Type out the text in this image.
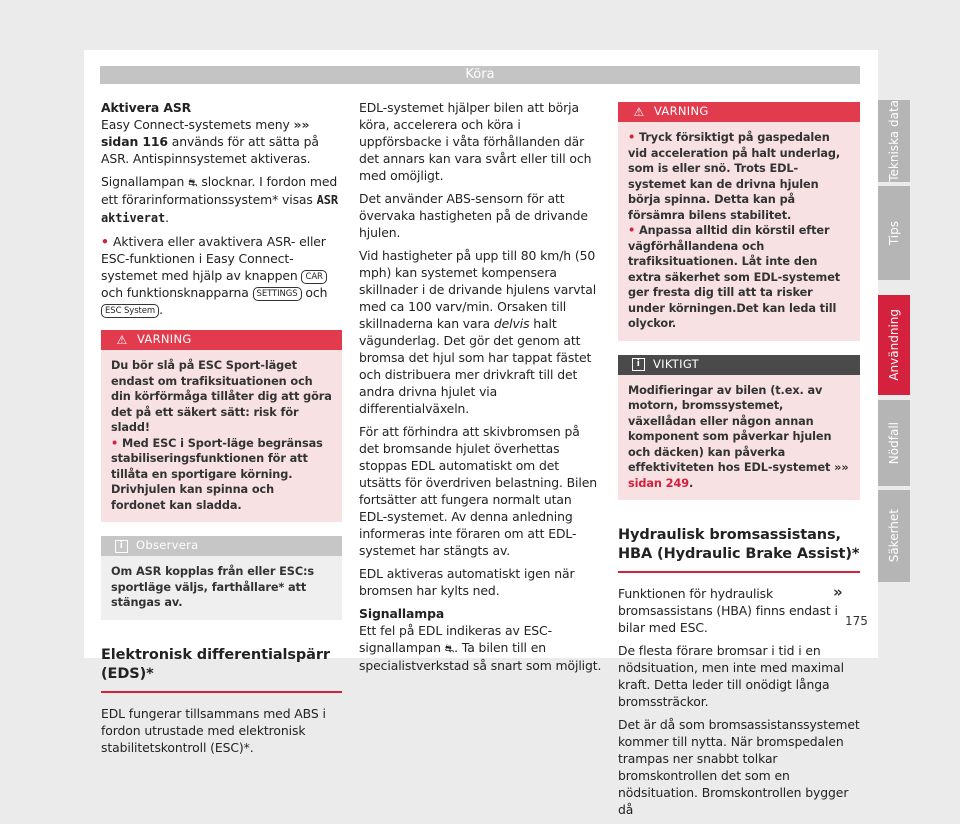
Köra
Aktivera ASR

Easy Connect-systemets meny »» sidan 116 används för att sätta på ASR. Antispinnsystemet aktiveras.

Signallampan ⛐ slocknar. I fordon med ett förarinformationssystem* visas ASR aktiverat.

• Aktivera eller avaktivera ASR- eller ESC-funktionen i Easy Connect-systemet med hjälp av knappen CAR och funktionsknapparna SETTINGS och ESC System .

⚠ VARNING
Du bör slå på ESC Sport-läget endast om trafiksituationen och din körförmåga tillåter dig att göra det på ett säkert sätt: risk för sladd!
• Med ESC i Sport-läge begränsas stabiliseringsfunktionen för att tillåta en sportigare körning. Drivhjulen kan spinna och fordonet kan sladda.
i	Observera
Om ASR kopplas från eller ESC:s sportläge väljs, farthållare* att stängas av.
Elektronisk differentialspärr (EDS)*

EDL fungerar tillsammans med ABS i fordon utrustade med elektronisk stabilitetskontroll (ESC)*.

EDL-systemet hjälper bilen att börja köra, accelerera och köra i uppförsbacke i våta förhållanden där det annars kan vara svårt eller till och med omöjligt.

Det använder ABS-sensorn för att övervaka hastigheten på de drivande hjulen.

Vid hastigheter på upp till 80 km/h (50 mph) kan systemet kompensera skillnader i de drivande hjulens varvtal med ca 100 varv/min. Orsaken till skillnaderna kan vara delvis halt vägunderlag. Det gör det genom att bromsa det hjul som har tappat fästet och distribuera mer drivkraft till det andra drivna hjulet via differentialväxeln.

För att förhindra att skivbromsen på det bromsande hjulet överhettas stoppas EDL automatiskt om det utsätts för överdriven belastning. Bilen fortsätter att fungera normalt utan EDL-systemet. Av denna anledning informeras inte föraren om att EDL-systemet har stängts av.

EDL aktiveras automatiskt igen när bromsen har kylts ned.

Signallampa

Ett fel på EDL indikeras av ESC-signallampan ⛐. Ta bilen till en specialistverkstad så snart som möjligt.

⚠ VARNING
• Tryck försiktigt på gaspedalen vid acceleration på halt underlag, som is eller snö. Trots EDL-systemet kan de drivna hjulen börja spinna. Detta kan på försämra bilens stabilitet.
• Anpassa alltid din körstil efter vägförhållandena och trafiksituationen. Låt inte den extra säkerhet som EDL-systemet ger fresta dig till att ta risker under körningen.Det kan leda till olyckor.
i	VIKTIGT
Modifieringar av bilen (t.ex. av motorn, bromssystemet, växellådan eller någon annan komponent som påverkar hjulen och däcken) kan påverka effektiviteten hos EDL-systemet »» sidan 249.
Hydraulisk bromsassistans, HBA (Hydraulic Brake Assist)*

Funktionen för hydraulisk bromsassistans (HBA) finns endast i bilar med ESC.

De flesta förare bromsar i tid i en nödsituation, men inte med maximal kraft. Detta leder till onödigt långa bromssträckor.

Det är då som bromsassistanssystemet kommer till nytta. När bromspedalen trampas ner snabbt tolkar bromskontrollen det som en nödsituation. Bromskontrollen bygger då

»
Tekniska data
Tips
Användning
Nödfall
Säkerhet
175
